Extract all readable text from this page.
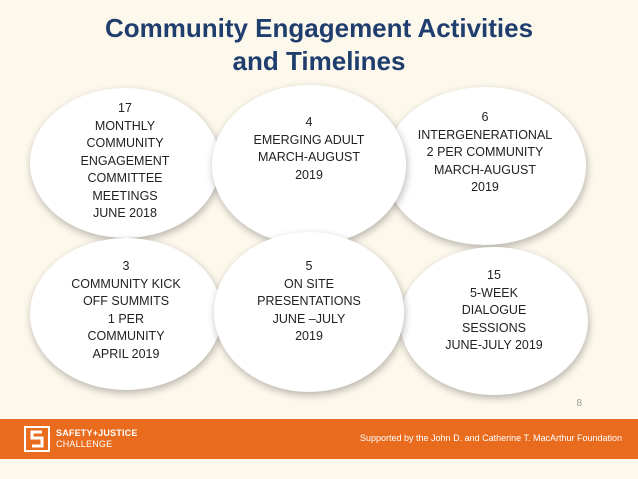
Community Engagement Activities
and Timelines
17
MONTHLY
COMMUNITY
ENGAGEMENT
COMMITTEE
MEETINGS
JUNE 2018
4
EMERGING ADULT
MARCH-AUGUST
2019
6
INTERGENERATIONAL
2 PER COMMUNITY
MARCH-AUGUST
2019
3
COMMUNITY KICK
OFF SUMMITS
1 PER
COMMUNITY
APRIL 2019
5
ON SITE
PRESENTATIONS
JUNE –JULY
2019
15
5-WEEK
DIALOGUE
SESSIONS
JUNE-JULY 2019
8
SAFETY+JUSTICE
CHALLENGE
Supported by the John D. and Catherine T. MacArthur Foundation
